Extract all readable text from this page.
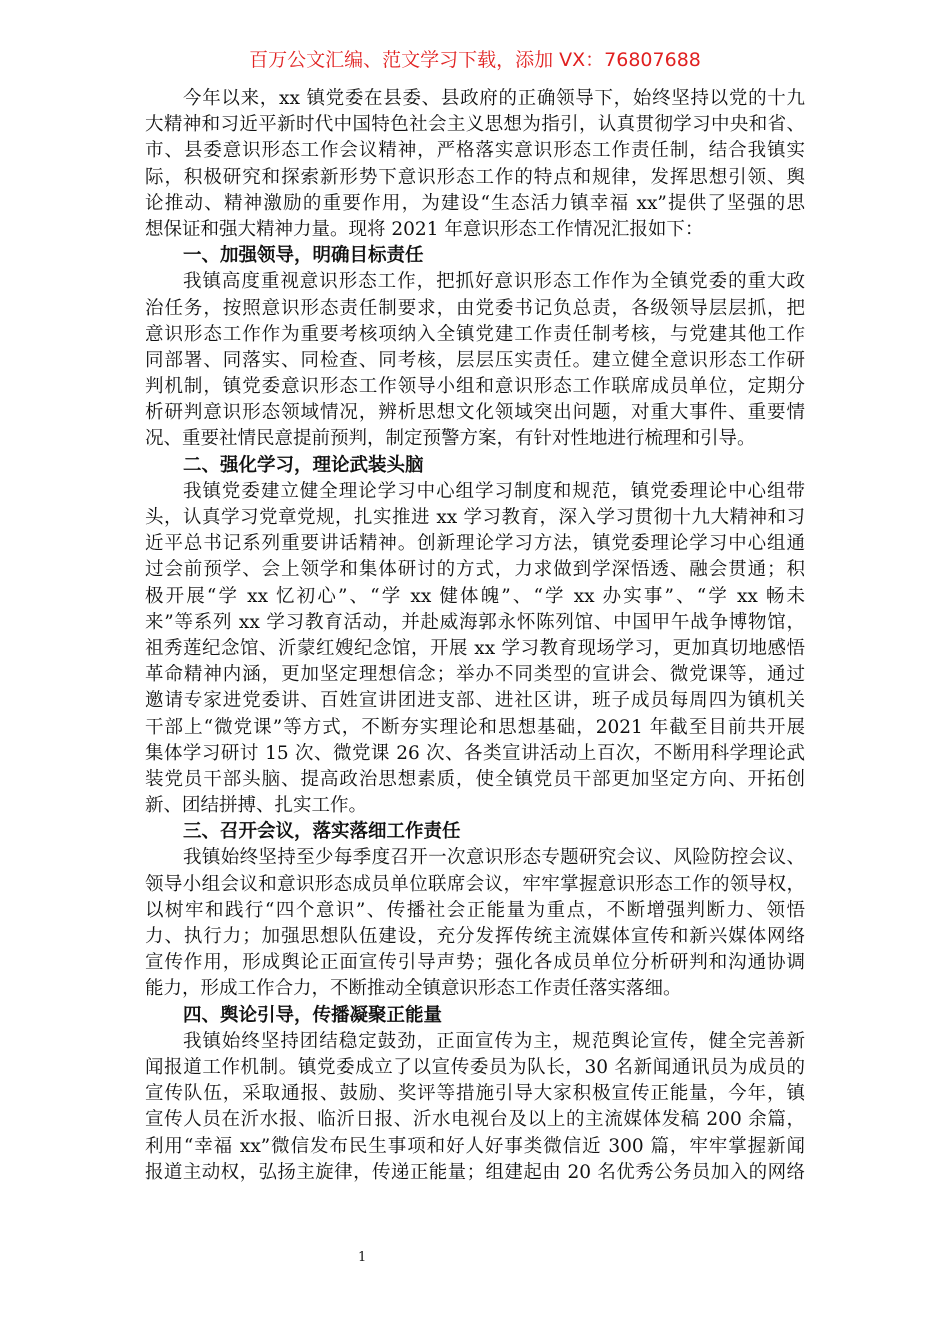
百万公文汇编、范文学习下载，添加 VX：76807688
今年以来，xx 镇党委在县委、县政府的正确领导下，始终坚持以党的十九
大精神和习近平新时代中国特色社会主义思想为指引，认真贯彻学习中央和省、
市、县委意识形态工作会议精神，严格落实意识形态工作责任制，结合我镇实
际，积极研究和探索新形势下意识形态工作的特点和规律，发挥思想引领、舆
论推动、精神激励的重要作用，为建设“生态活力镇幸福 xx”提供了坚强的思
想保证和强大精神力量。现将 2021 年意识形态工作情况汇报如下：
一、加强领导，明确目标责任
我镇高度重视意识形态工作，把抓好意识形态工作作为全镇党委的重大政
治任务，按照意识形态责任制要求，由党委书记负总责，各级领导层层抓，把
意识形态工作作为重要考核项纳入全镇党建工作责任制考核，与党建其他工作
同部署、同落实、同检查、同考核，层层压实责任。建立健全意识形态工作研
判机制，镇党委意识形态工作领导小组和意识形态工作联席成员单位，定期分
析研判意识形态领域情况，辨析思想文化领域突出问题，对重大事件、重要情
况、重要社情民意提前预判，制定预警方案，有针对性地进行梳理和引导。
二、强化学习，理论武装头脑
我镇党委建立健全理论学习中心组学习制度和规范，镇党委理论中心组带
头，认真学习党章党规，扎实推进 xx 学习教育，深入学习贯彻十九大精神和习
近平总书记系列重要讲话精神。创新理论学习方法，镇党委理论学习中心组通
过会前预学、会上领学和集体研讨的方式，力求做到学深悟透、融会贯通；积
极开展“学 xx 忆初心”、“学 xx 健体魄”、“学 xx 办实事”、“学 xx 畅未
来”等系列 xx 学习教育活动，并赴威海郭永怀陈列馆、中国甲午战争博物馆，
祖秀莲纪念馆、沂蒙红嫂纪念馆，开展 xx 学习教育现场学习，更加真切地感悟
革命精神内涵，更加坚定理想信念；举办不同类型的宣讲会、微党课等，通过
邀请专家进党委讲、百姓宣讲团进支部、进社区讲，班子成员每周四为镇机关
干部上“微党课”等方式，不断夯实理论和思想基础，2021 年截至目前共开展
集体学习研讨 15 次、微党课 26 次、各类宣讲活动上百次，不断用科学理论武
装党员干部头脑、提高政治思想素质，使全镇党员干部更加坚定方向、开拓创
新、团结拼搏、扎实工作。
三、召开会议，落实落细工作责任
我镇始终坚持至少每季度召开一次意识形态专题研究会议、风险防控会议、
领导小组会议和意识形态成员单位联席会议，牢牢掌握意识形态工作的领导权，
以树牢和践行“四个意识”、传播社会正能量为重点，不断增强判断力、领悟
力、执行力；加强思想队伍建设，充分发挥传统主流媒体宣传和新兴媒体网络
宣传作用，形成舆论正面宣传引导声势；强化各成员单位分析研判和沟通协调
能力，形成工作合力，不断推动全镇意识形态工作责任落实落细。
四、舆论引导，传播凝聚正能量
我镇始终坚持团结稳定鼓劲，正面宣传为主，规范舆论宣传，健全完善新
闻报道工作机制。镇党委成立了以宣传委员为队长，30 名新闻通讯员为成员的
宣传队伍，采取通报、鼓励、奖评等措施引导大家积极宣传正能量，今年，镇
宣传人员在沂水报、临沂日报、沂水电视台及以上的主流媒体发稿 200 余篇，
利用“幸福 xx”微信发布民生事项和好人好事类微信近 300 篇，牢牢掌握新闻
报道主动权，弘扬主旋律，传递正能量；组建起由 20 名优秀公务员加入的网络
1
